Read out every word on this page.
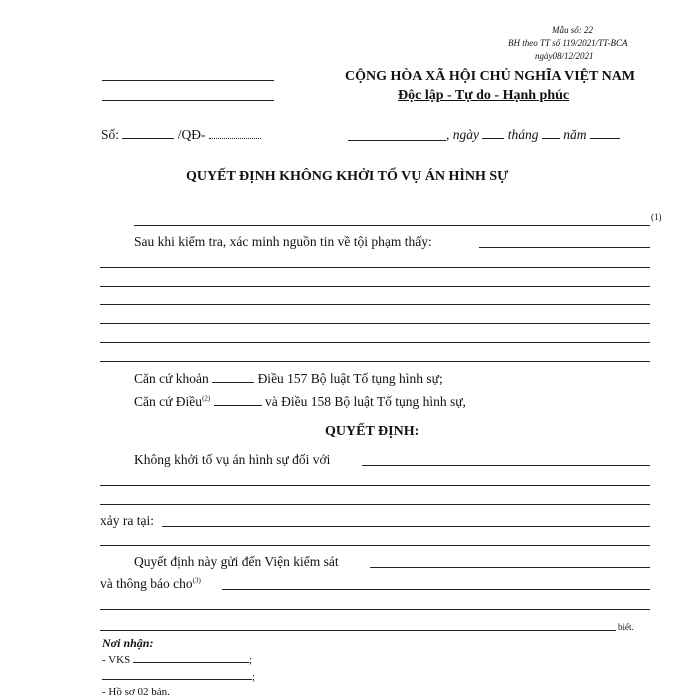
Mẫu số: 22
BH theo TT số 119/2021/TT-BCA
ngày08/12/2021
CỘNG HÒA XÃ HỘI CHỦ NGHĨA VIỆT NAM
Độc lập - Tự do - Hạnh phúc
Số:	/QĐ-	, ngày tháng năm
QUYẾT ĐỊNH KHÔNG KHỞI TỐ VỤ ÁN HÌNH SỰ
(1)
Sau khi kiểm tra, xác minh nguồn tin về tội phạm thấy:
Căn cứ khoản	Điều 157 Bộ luật Tố tụng hình sự;
Căn cứ Điều$^{(2)}$	và Điều 158 Bộ luật Tố tụng hình sự,
QUYẾT ĐỊNH:
Không khởi tố vụ án hình sự đối với
xảy ra tại:
Quyết định này gửi đến Viện kiểm sát
và thông báo cho$^{(3)}$
biết.
Nơi nhận:
- VKS	;
;
- Hồ sơ 02 bản.
